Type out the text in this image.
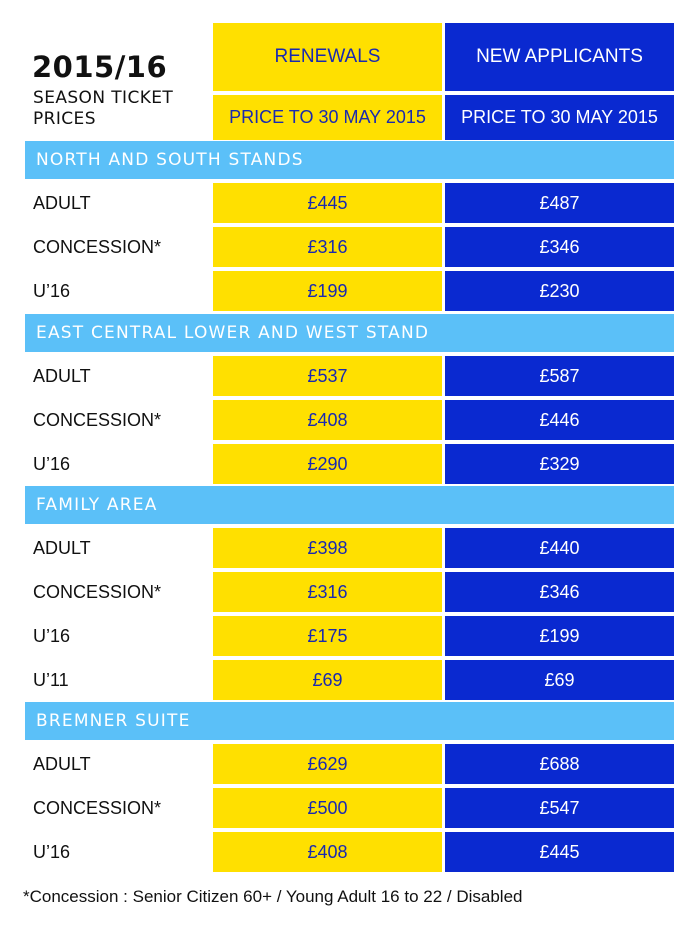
2015/16
SEASON TICKET PRICES
RENEWALS
PRICE TO 30 MAY 2015
NEW APPLICANTS
PRICE TO 30 MAY 2015
NORTH AND SOUTH STANDS
ADULT	£445	£487
CONCESSION*	£316	£346
U’16	£199	£230
EAST CENTRAL LOWER AND WEST STAND
ADULT	£537	£587
CONCESSION*	£408	£446
U’16	£290	£329
FAMILY AREA
ADULT	£398	£440
CONCESSION*	£316	£346
U’16	£175	£199
U’11	£69	£69
BREMNER SUITE
ADULT	£629	£688
CONCESSION*	£500	£547
U’16	£408	£445
*Concession : Senior Citizen 60+ / Young Adult 16 to 22 / Disabled
